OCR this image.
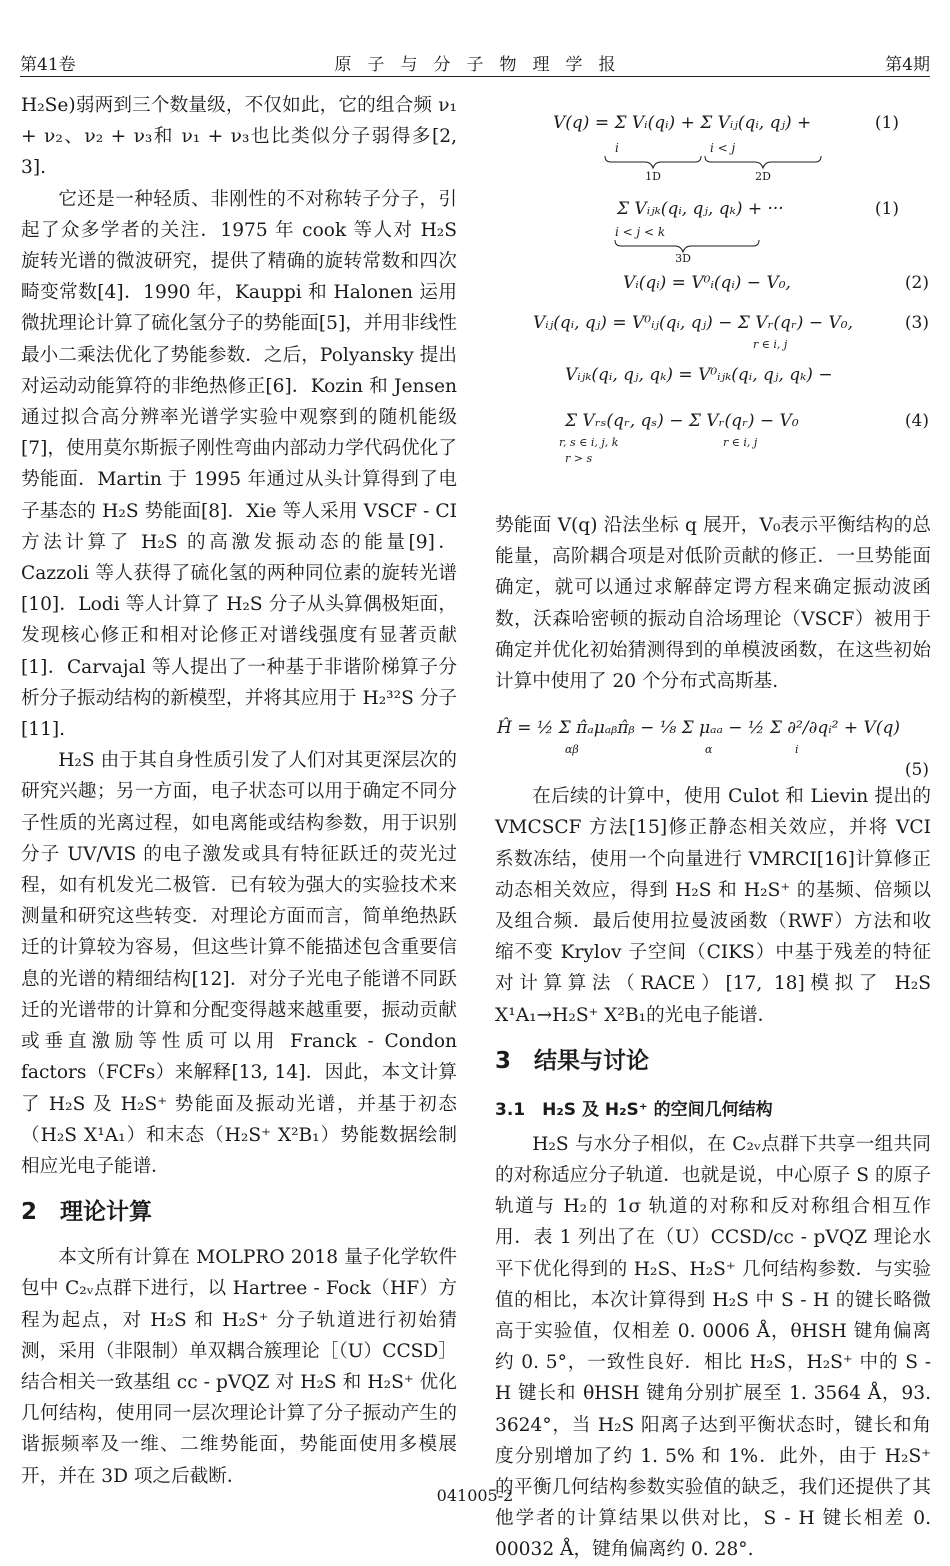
第41卷	原子与分子物理学报	第4期

H₂Se)弱两到三个数量级，不仅如此，它的组合频 ν₁ + ν₂、ν₂ + ν₃和 ν₁ + ν₃也比类似分子弱得多[2, 3].

它还是一种轻质、非刚性的不对称转子分子，引起了众多学者的关注．1975 年 cook 等人对 H₂S 旋转光谱的微波研究，提供了精确的旋转常数和四次畸变常数[4]．1990 年，Kauppi 和 Halonen 运用微扰理论计算了硫化氢分子的势能面[5]，并用非线性最小二乘法优化了势能参数．之后，Polyansky 提出对运动动能算符的非绝热修正[6]．Kozin 和 Jensen 通过拟合高分辨率光谱学实验中观察到的随机能级[7]，使用莫尔斯振子刚性弯曲内部动力学代码优化了势能面．Martin 于 1995 年通过从头计算得到了电子基态的 H₂S 势能面[8]．Xie 等人采用 VSCF - CI 方法计算了 H₂S 的高激发振动态的能量[9]．Cazzoli 等人获得了硫化氢的两种同位素的旋转光谱[10]．Lodi 等人计算了 H₂S 分子从头算偶极矩面，发现核心修正和相对论修正对谱线强度有显著贡献[1]．Carvajal 等人提出了一种基于非谐阶梯算子分析分子振动结构的新模型，并将其应用于 H₂³²S 分子[11].

H₂S 由于其自身性质引发了人们对其更深层次的研究兴趣；另一方面，电子状态可以用于确定不同分子性质的光离过程，如电离能或结构参数，用于识别分子 UV/VIS 的电子激发或具有特征跃迁的荧光过程，如有机发光二极管．已有较为强大的实验技术来测量和研究这些转变．对理论方面而言，简单绝热跃迁的计算较为容易，但这些计算不能描述包含重要信息的光谱的精细结构[12]．对分子光电子能谱不同跃迁的光谱带的计算和分配变得越来越重要，振动贡献或垂直激励等性质可以用 Franck - Condon factors（FCFs）来解释[13, 14]．因此，本文计算了 H₂S 及 H₂S⁺ 势能面及振动光谱，并基于初态（H₂S X¹A₁）和末态（H₂S⁺ X²B₁）势能数据绘制相应光电子能谱．

2　理论计算

本文所有计算在 MOLPRO 2018 量子化学软件包中 C₂ᵥ点群下进行，以 Hartree - Fock（HF）方程为起点，对 H₂S 和 H₂S⁺ 分子轨道进行初始猜测，采用（非限制）单双耦合簇理论［（U）CCSD］结合相关一致基组 cc - pVQZ 对 H₂S 和 H₂S⁺ 优化几何结构，使用同一层次理论计算了分子振动产生的谐振频率及一维、二维势能面，势能面使用多模展开，并在 3D 项之后截断．

V(q) = Σ Vᵢ(qᵢ) + Σ Vᵢⱼ(qᵢ, qⱼ) +	(1)
i	i < j
1D	2D
Σ Vᵢⱼₖ(qᵢ, qⱼ, qₖ) + ···	(1)
i < j < k
3D
Vᵢ(qᵢ) = V⁰ᵢ(qᵢ) − V₀,	(2)
Vᵢⱼ(qᵢ, qⱼ) = V⁰ᵢⱼ(qᵢ, qⱼ) − Σ Vᵣ(qᵣ) − V₀,	(3)
r ∈ i, j
Vᵢⱼₖ(qᵢ, qⱼ, qₖ) = V⁰ᵢⱼₖ(qᵢ, qⱼ, qₖ) −
Σ Vᵣₛ(qᵣ, qₛ) − Σ Vᵣ(qᵣ) − V₀	(4)
r, s ∈ i, j, k
r > s
r ∈ i, j

势能面 V(q) 沿法坐标 q 展开，V₀表示平衡结构的总能量，高阶耦合项是对低阶贡献的修正．一旦势能面确定，就可以通过求解薛定谔方程来确定振动波函数，沃森哈密顿的振动自洽场理论（VSCF）被用于确定并优化初始猜测得到的单模波函数，在这些初始计算中使用了 20 个分布式高斯基.

Ĥ = ½ Σ π̂ₐμₐᵦπ̂ᵦ − ⅛ Σ μₐₐ − ½ Σ ∂²/∂qᵢ² + V(q)
αβ	α	i
(5)

在后续的计算中，使用 Culot 和 Lievin 提出的 VMCSCF 方法[15]修正静态相关效应，并将 VCI 系数冻结，使用一个向量进行 VMRCI[16]计算修正动态相关效应，得到 H₂S 和 H₂S⁺ 的基频、倍频以及组合频．最后使用拉曼波函数（RWF）方法和收缩不变 Krylov 子空间（CIKS）中基于残差的特征对计算算法（RACE）[17, 18]模拟了 H₂S X¹A₁→H₂S⁺ X²B₁的光电子能谱．

3　结果与讨论
3.1　H₂S 及 H₂S⁺ 的空间几何结构

H₂S 与水分子相似，在 C₂ᵥ点群下共享一组共同的对称适应分子轨道．也就是说，中心原子 S 的原子轨道与 H₂的 1σ 轨道的对称和反对称组合相互作用．表 1 列出了在（U）CCSD/cc - pVQZ 理论水平下优化得到的 H₂S、H₂S⁺ 几何结构参数．与实验值的相比，本次计算得到 H₂S 中 S - H 的键长略微高于实验值，仅相差 0. 0006 Å，θHSH 键角偏离约 0. 5°，一致性良好．相比 H₂S，H₂S⁺ 中的 S - H 键长和 θHSH 键角分别扩展至 1. 3564 Å，93. 3624°，当 H₂S 阳离子达到平衡状态时，键长和角度分别增加了约 1. 5% 和 1%．此外，由于 H₂S⁺ 的平衡几何结构参数实验值的缺乏，我们还提供了其他学者的计算结果以供对比，S - H 键长相差 0. 00032 Å，键角偏离约 0. 28°.

041005-2
